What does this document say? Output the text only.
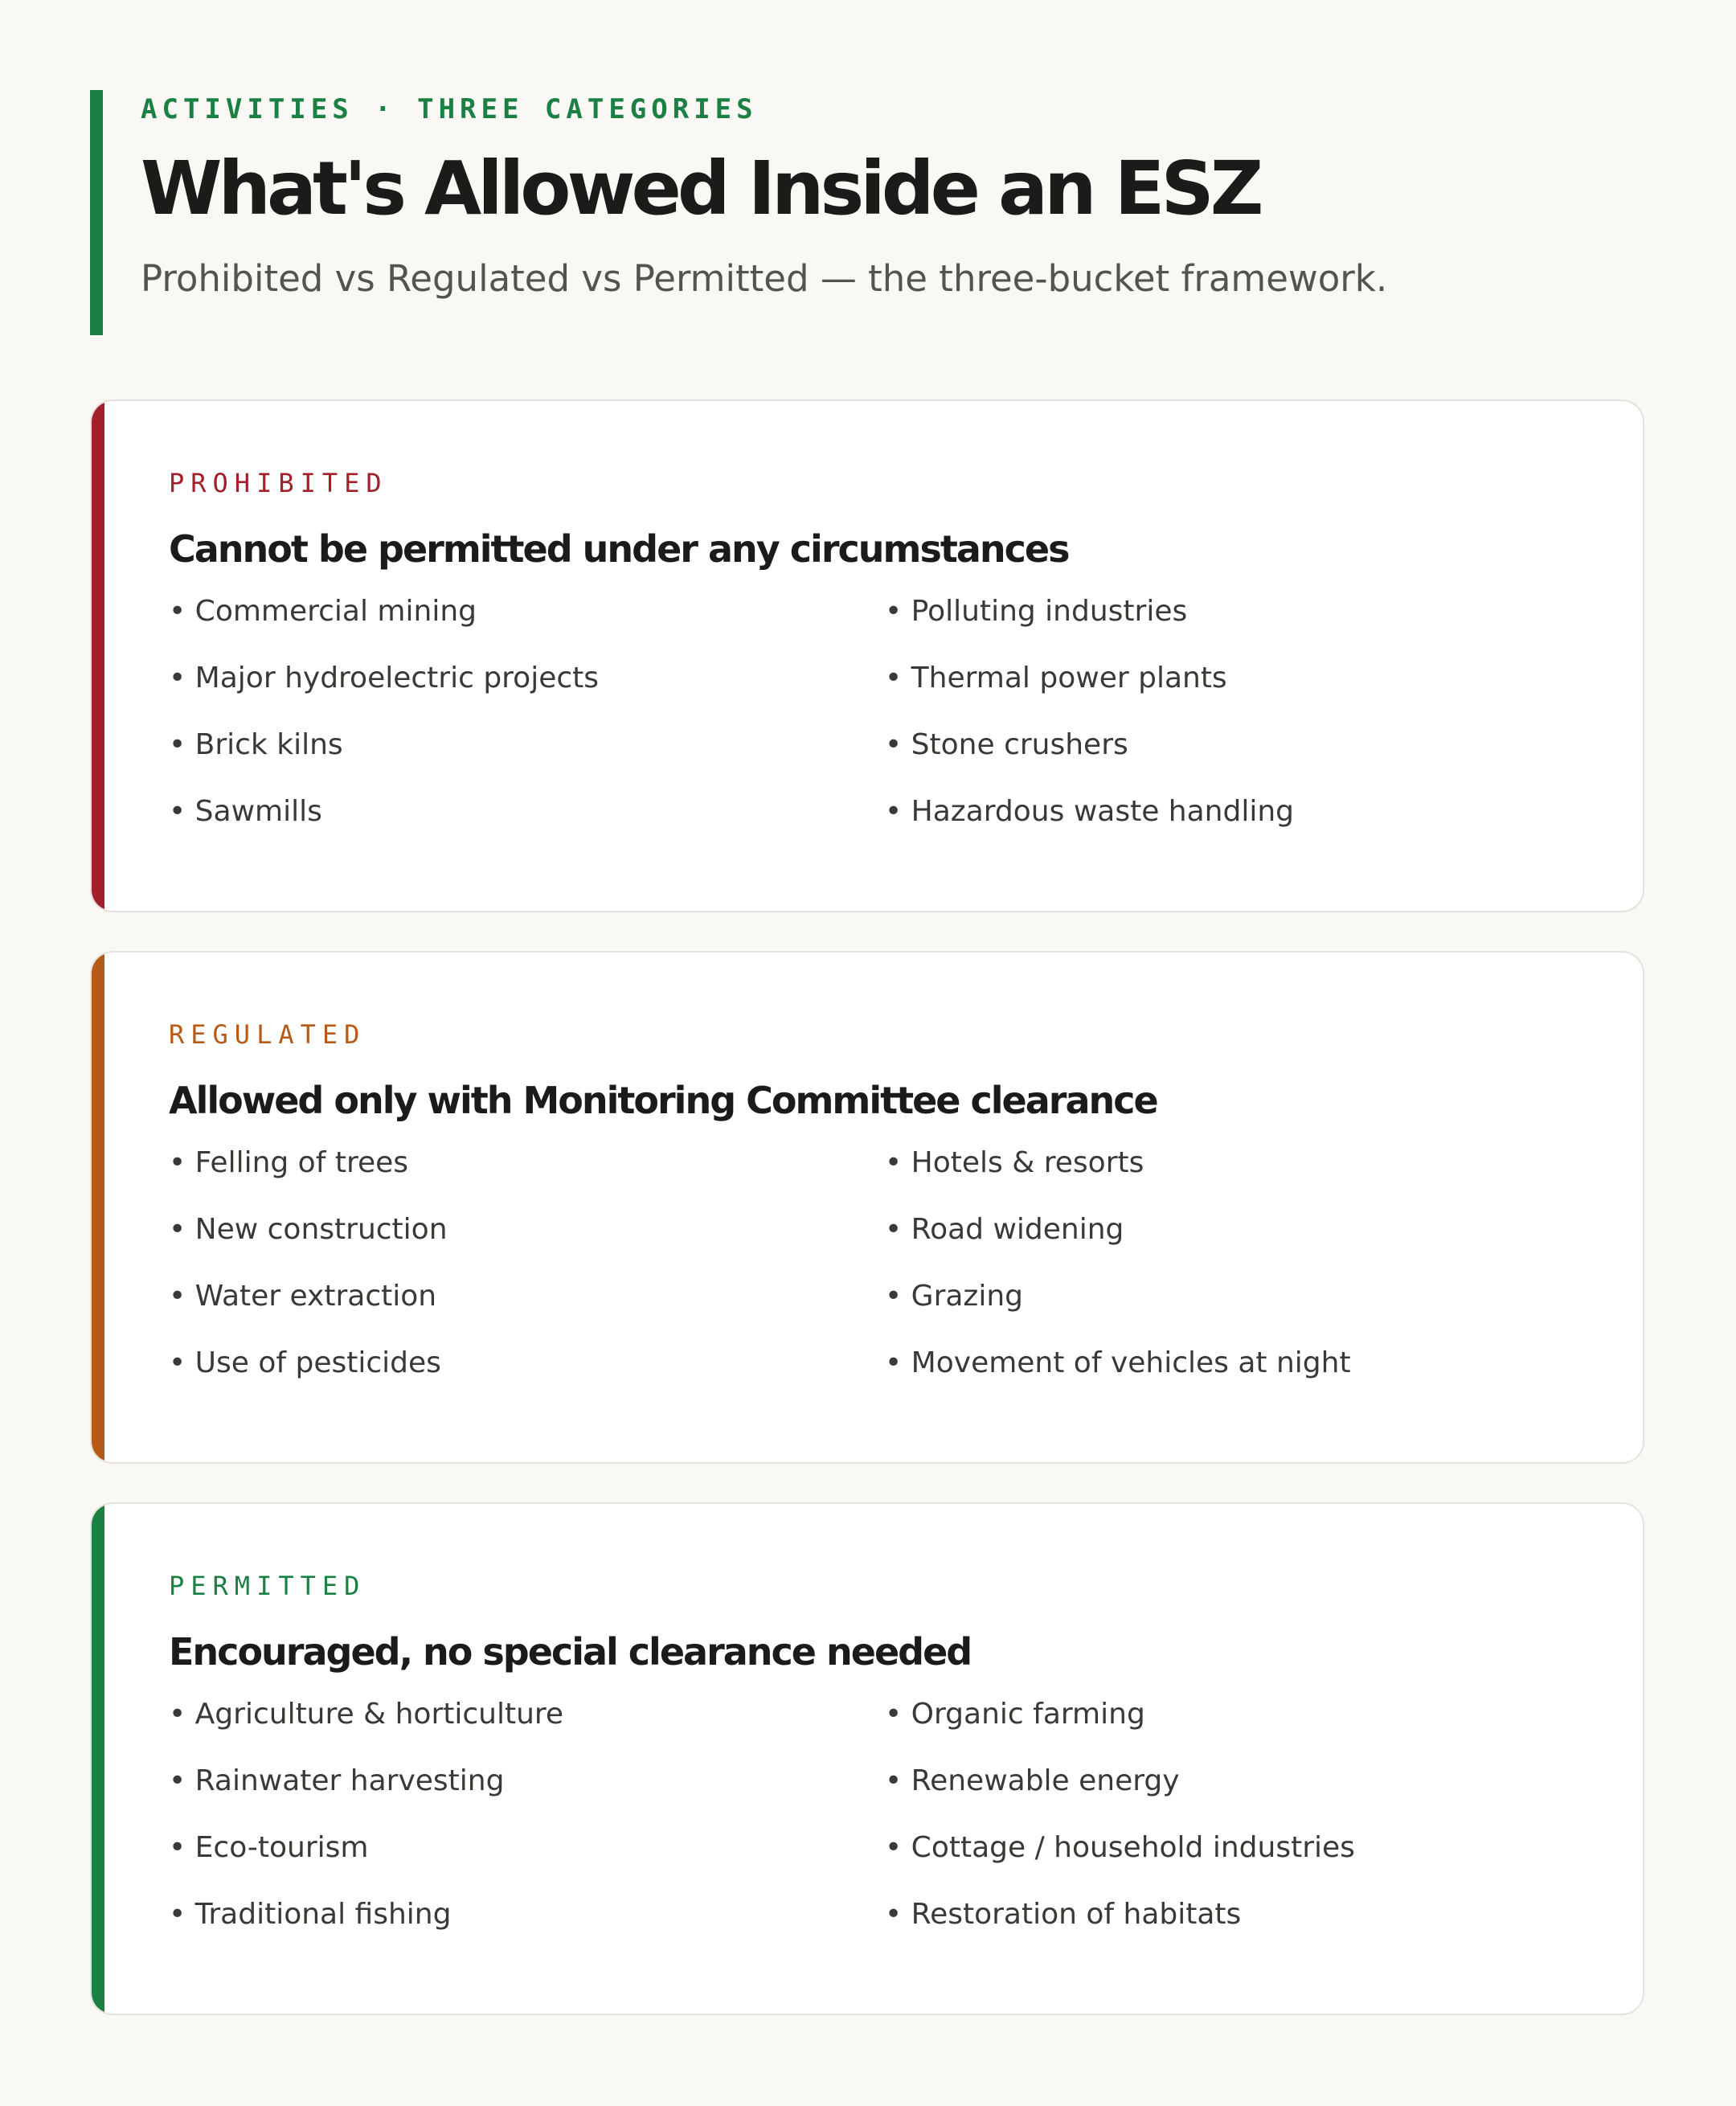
ACTIVITIES · THREE CATEGORIES
What's Allowed Inside an ESZ
Prohibited vs Regulated vs Permitted — the three-bucket framework.
PROHIBITED
Cannot be permitted under any circumstances
• Commercial mining	• Polluting industries
• Major hydroelectric projects	• Thermal power plants
• Brick kilns	• Stone crushers
• Sawmills	• Hazardous waste handling
REGULATED
Allowed only with Monitoring Committee clearance
• Felling of trees	• Hotels & resorts
• New construction	• Road widening
• Water extraction	• Grazing
• Use of pesticides	• Movement of vehicles at night
PERMITTED
Encouraged, no special clearance needed
• Agriculture & horticulture	• Organic farming
• Rainwater harvesting	• Renewable energy
• Eco-tourism	• Cottage / household industries
• Traditional fishing	• Restoration of habitats
